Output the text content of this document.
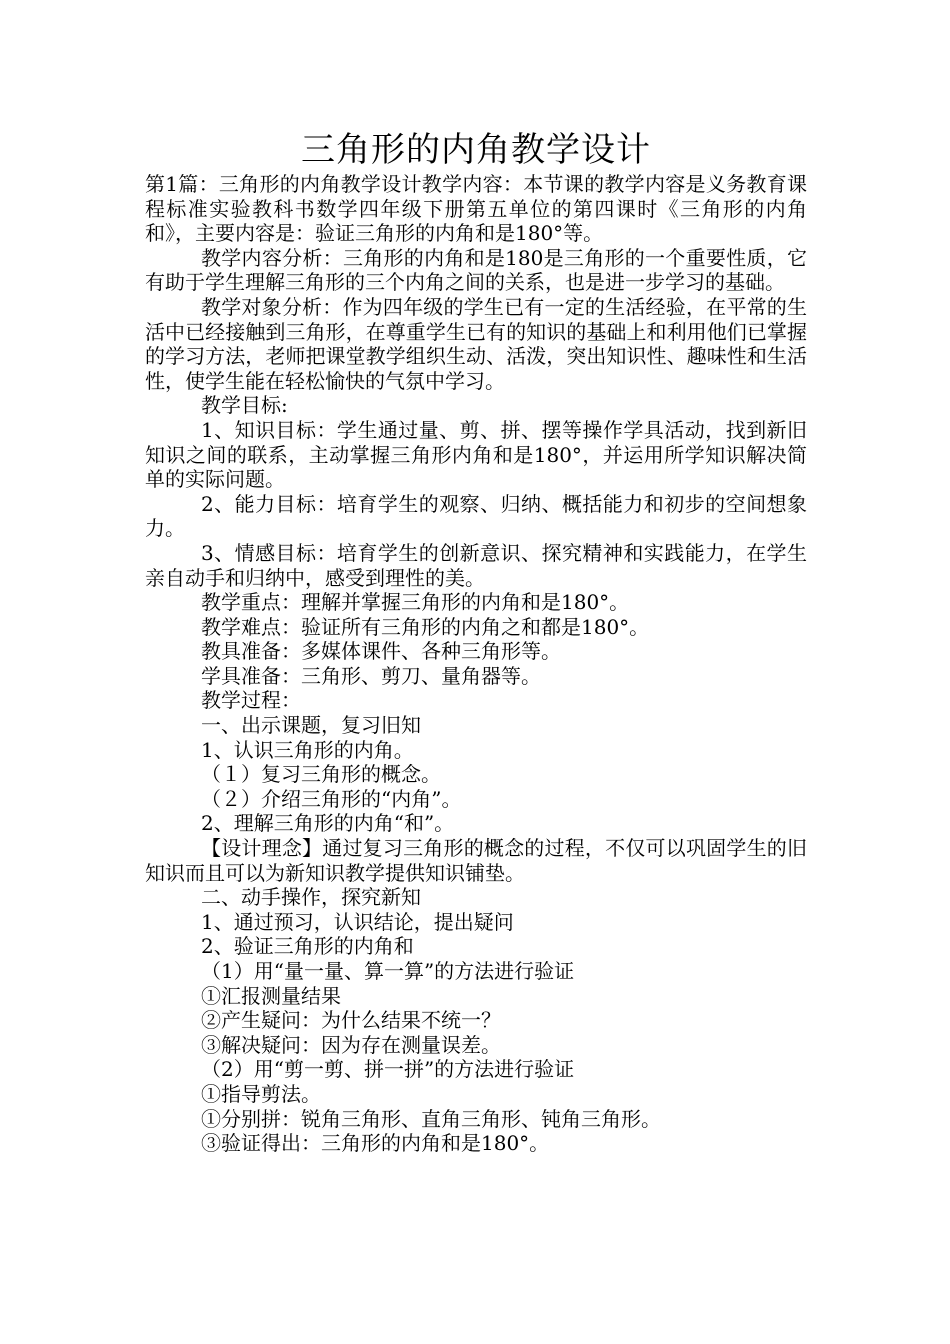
三角形的内角教学设计

第1篇：三角形的内角教学设计教学内容：本节课的教学内容是义务教育课程标准实验教科书数学四年级下册第五单位的第四课时《三角形的内角和》，主要内容是：验证三角形的内角和是180°等。

教学内容分析：三角形的内角和是180是三角形的一个重要性质，它有助于学生理解三角形的三个内角之间的关系，也是进一步学习的基础。

教学对象分析：作为四年级的学生已有一定的生活经验，在平常的生活中已经接触到三角形，在尊重学生已有的知识的基础上和利用他们已掌握的学习方法，老师把课堂教学组织生动、活泼，突出知识性、趣味性和生活性，使学生能在轻松愉快的气氛中学习。

教学目标:

1、知识目标：学生通过量、剪、拼、摆等操作学具活动，找到新旧知识之间的联系，主动掌握三角形内角和是180°，并运用所学知识解决简单的实际问题。

2、能力目标：培育学生的观察、归纳、概括能力和初步的空间想象力。

3、情感目标：培育学生的创新意识、探究精神和实践能力，在学生亲自动手和归纳中，感受到理性的美。

教学重点：理解并掌握三角形的内角和是180°。

教学难点：验证所有三角形的内角之和都是180°。

教具准备：多媒体课件、各种三角形等。

学具准备：三角形、剪刀、量角器等。

教学过程：

一、出示课题，复习旧知

1、认识三角形的内角。

（１）复习三角形的概念。

（２）介绍三角形的“内角”。

2、理解三角形的内角“和”。

【设计理念】通过复习三角形的概念的过程，不仅可以巩固学生的旧知识而且可以为新知识教学提供知识铺垫。

二、动手操作，探究新知

1、通过预习，认识结论，提出疑问

2、验证三角形的内角和

（1）用“量一量、算一算”的方法进行验证

①汇报测量结果

②产生疑问：为什么结果不统一？

③解决疑问：因为存在测量误差。

（2）用“剪一剪、拼一拼”的方法进行验证

①指导剪法。

①分别拼：锐角三角形、直角三角形、钝角三角形。

③验证得出：三角形的内角和是180°。
